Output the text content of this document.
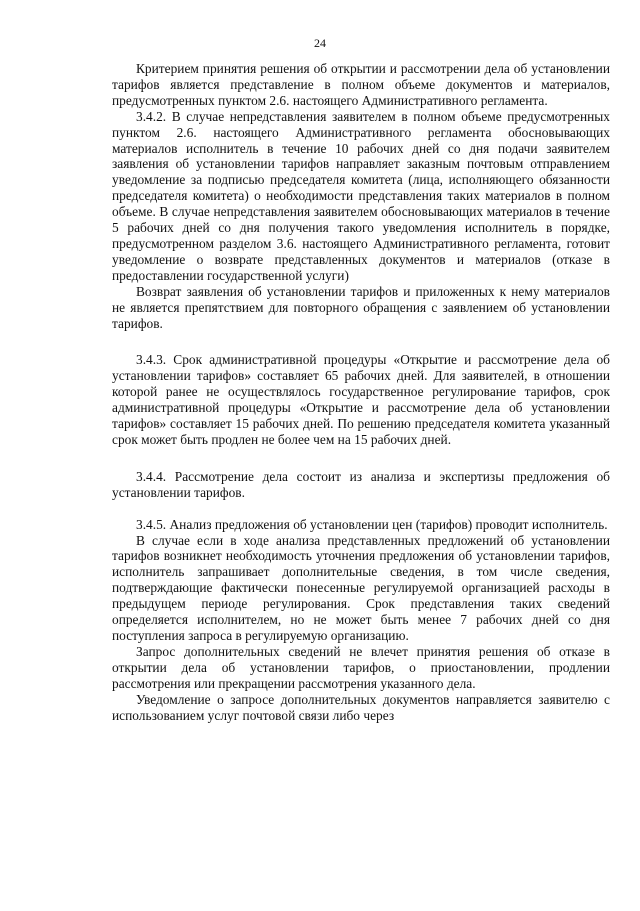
24

Критерием принятия решения об открытии и рассмотрении дела об установлении тарифов является представление в полном объеме документов и материалов, предусмотренных пунктом 2.6. настоящего Административного регламента.

3.4.2. В случае непредставления заявителем в полном объеме предусмотренных пунктом 2.6. настоящего Административного регламента обосновывающих материалов исполнитель в течение 10 рабочих дней со дня подачи заявителем заявления об установлении тарифов направляет заказным почтовым отправлением уведомление за подписью председателя комитета (лица, исполняющего обязанности председателя комитета) о необходимости представления таких материалов в полном объеме. В случае непредставления заявителем обосновывающих материалов в течение 5 рабочих дней со дня получения такого уведомления исполнитель в порядке, предусмотренном разделом 3.6. настоящего Административного регламента, готовит уведомление о возврате представленных документов и материалов (отказе в предоставлении государственной услуги)

Возврат заявления об установлении тарифов и приложенных к нему материалов не является препятствием для повторного обращения с заявлением об установлении тарифов.

3.4.3. Срок административной процедуры «Открытие и рассмотрение дела об установлении тарифов» составляет 65 рабочих дней. Для заявителей, в отношении которой ранее не осуществлялось государственное регулирование тарифов, срок административной процедуры «Открытие и рассмотрение дела об установлении тарифов» составляет 15 рабочих дней. По решению председателя комитета указанный срок может быть продлен не более чем на 15 рабочих дней.

3.4.4. Рассмотрение дела состоит из анализа и экспертизы предложения об установлении тарифов.

3.4.5. Анализ предложения об установлении цен (тарифов) проводит исполнитель.

В случае если в ходе анализа представленных предложений об установлении тарифов возникнет необходимость уточнения предложения об установлении тарифов, исполнитель запрашивает дополнительные сведения, в том числе сведения, подтверждающие фактически понесенные регулируемой организацией расходы в предыдущем периоде регулирования. Срок представления таких сведений определяется исполнителем, но не может быть менее 7 рабочих дней со дня поступления запроса в регулируемую организацию.

Запрос дополнительных сведений не влечет принятия решения об отказе в открытии дела об установлении тарифов, о приостановлении, продлении рассмотрения или прекращении рассмотрения указанного дела.

Уведомление о запросе дополнительных документов направляется заявителю с использованием услуг почтовой связи либо через
